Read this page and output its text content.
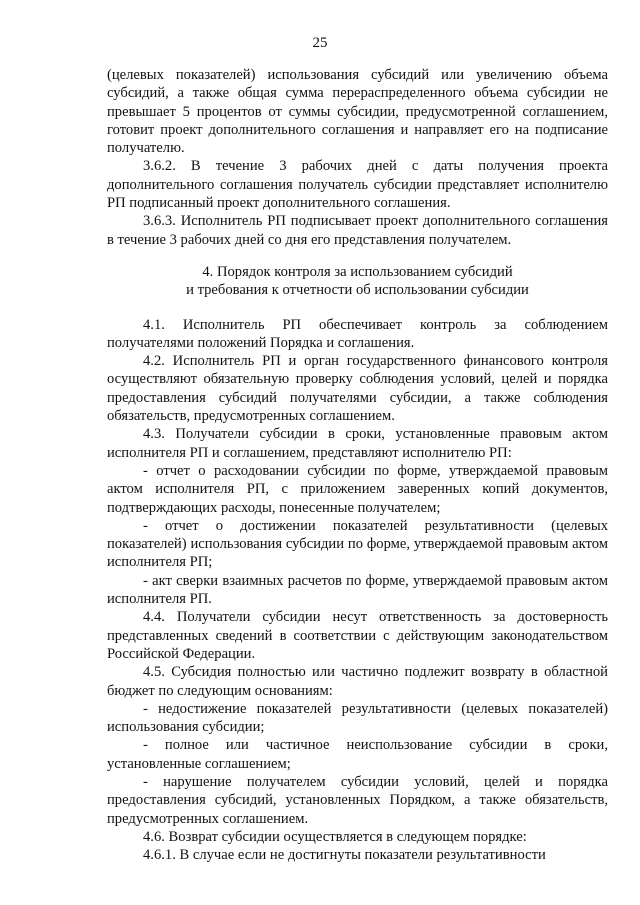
25

(целевых показателей) использования субсидий или увеличению объема субсидий, а также общая сумма перераспределенного объема субсидии не превышает 5 процентов от суммы субсидии, предусмотренной соглашением, готовит проект дополнительного соглашения и направляет его на подписание получателю.

3.6.2. В течение 3 рабочих дней с даты получения проекта дополнительного соглашения получатель субсидии представляет исполнителю РП подписанный проект дополнительного соглашения.

3.6.3. Исполнитель РП подписывает проект дополнительного соглашения в течение 3 рабочих дней со дня его представления получателем.

4. Порядок контроля за использованием субсидий
и требования к отчетности об использовании субсидии

4.1. Исполнитель РП обеспечивает контроль за соблюдением получателями положений Порядка и соглашения.

4.2. Исполнитель РП и орган государственного финансового контроля осуществляют обязательную проверку соблюдения условий, целей и порядка предоставления субсидий получателями субсидии, а также соблюдения обязательств, предусмотренных соглашением.

4.3. Получатели субсидии в сроки, установленные правовым актом исполнителя РП и соглашением, представляют исполнителю РП:

- отчет о расходовании субсидии по форме, утверждаемой правовым актом исполнителя РП, с приложением заверенных копий документов, подтверждающих расходы, понесенные получателем;

- отчет о достижении показателей результативности (целевых показателей) использования субсидии по форме, утверждаемой правовым актом исполнителя РП;

- акт сверки взаимных расчетов по форме, утверждаемой правовым актом исполнителя РП.

4.4. Получатели субсидии несут ответственность за достоверность представленных сведений в соответствии с действующим законодательством Российской Федерации.

4.5. Субсидия полностью или частично подлежит возврату в областной бюджет по следующим основаниям:

- недостижение показателей результативности (целевых показателей) использования субсидии;

- полное или частичное неиспользование субсидии в сроки, установленные соглашением;

- нарушение получателем субсидии условий, целей и порядка предоставления субсидий, установленных Порядком, а также обязательств, предусмотренных соглашением.

4.6. Возврат субсидии осуществляется в следующем порядке:

4.6.1. В случае если не достигнуты показатели результативности
